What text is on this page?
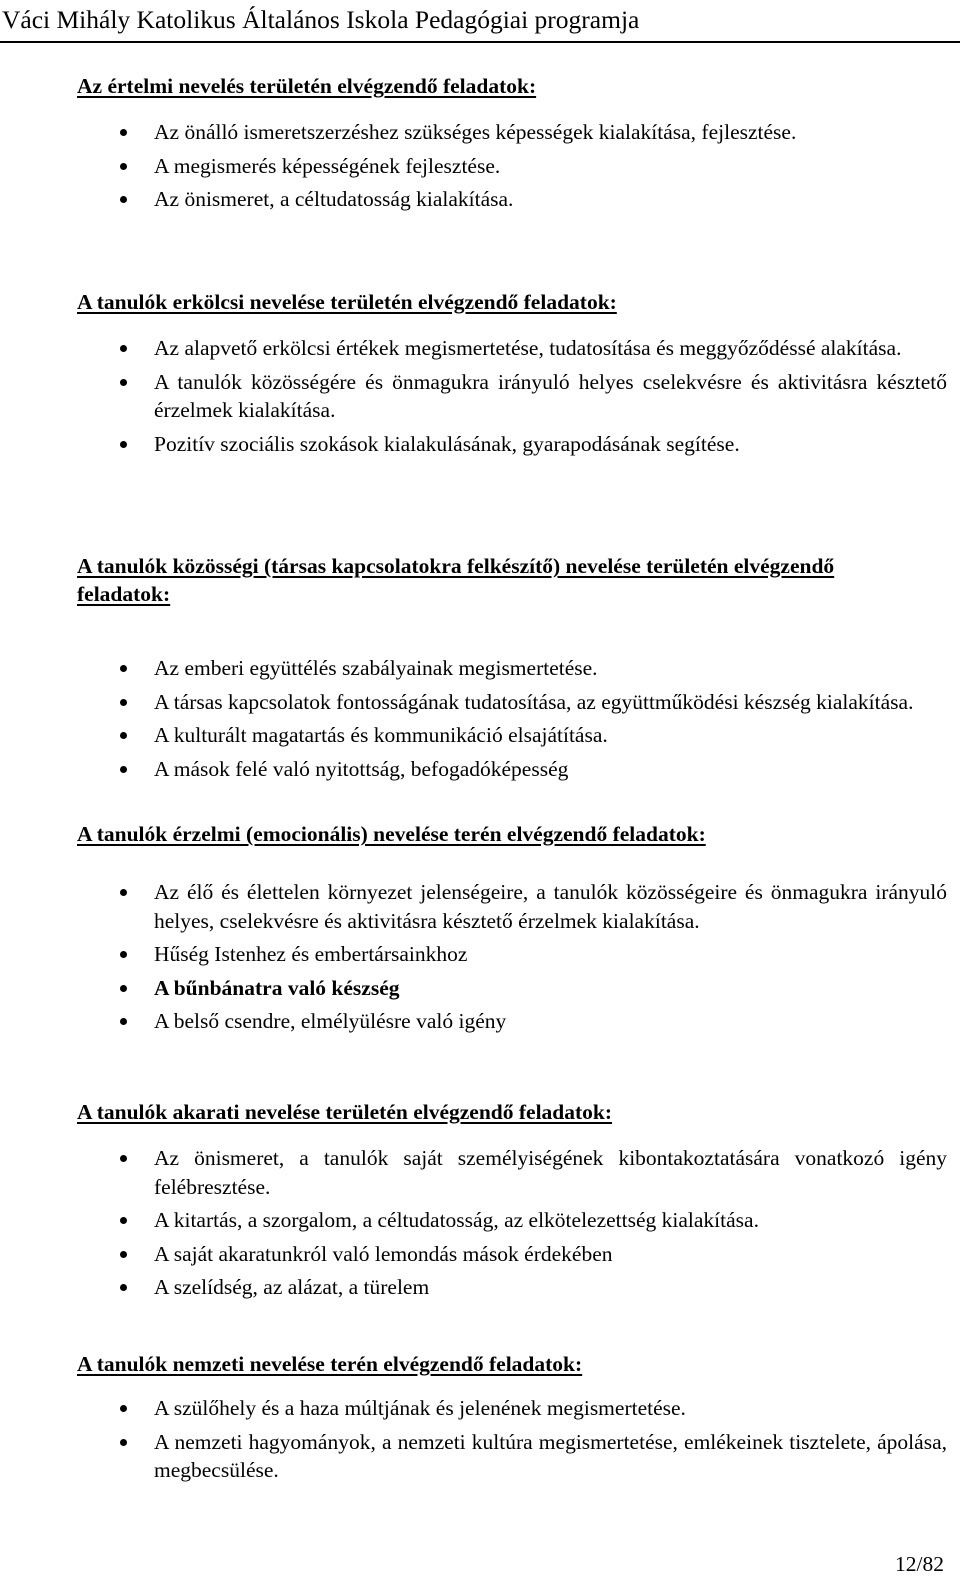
Váci Mihály Katolikus Általános Iskola Pedagógiai programja
Az értelmi nevelés területén elvégzendő feladatok:
Az önálló ismeretszerzéshez szükséges képességek kialakítása, fejlesztése.
A megismerés képességének fejlesztése.
Az önismeret, a céltudatosság kialakítása.
A tanulók erkölcsi nevelése területén elvégzendő feladatok:
Az alapvető erkölcsi értékek megismertetése, tudatosítása és meggyőződéssé alakítása.
A tanulók közösségére és önmagukra irányuló helyes cselekvésre és aktivitásra késztető érzelmek kialakítása.
Pozitív szociális szokások kialakulásának, gyarapodásának segítése.
A tanulók közösségi (társas kapcsolatokra felkészítő) nevelése területén elvégzendő feladatok:
Az emberi együttélés szabályainak megismertetése.
A társas kapcsolatok fontosságának tudatosítása, az együttműködési készség kialakítása.
A kulturált magatartás és kommunikáció elsajátítása.
A mások felé való nyitottság, befogadóképesség
A tanulók érzelmi (emocionális) nevelése terén elvégzendő feladatok:
Az élő és élettelen környezet jelenségeire, a tanulók közösségeire és önmagukra irányuló helyes, cselekvésre és aktivitásra késztető érzelmek kialakítása.
Hűség Istenhez és embertársainkhoz
A bűnbánatra való készség
A belső csendre, elmélyülésre való igény
A tanulók akarati nevelése területén elvégzendő feladatok:
Az önismeret, a tanulók saját személyiségének kibontakoztatására vonatkozó igény felébresztése.
A kitartás, a szorgalom, a céltudatosság, az elkötelezettség kialakítása.
A saját akaratunkról való lemondás mások érdekében
A szelídség, az alázat, a türelem
A tanulók nemzeti nevelése terén elvégzendő feladatok:
A szülőhely és a haza múltjának és jelenének megismertetése.
A nemzeti hagyományok, a nemzeti kultúra megismertetése, emlékeinek tisztelete, ápolása, megbecsülése.
12/82
